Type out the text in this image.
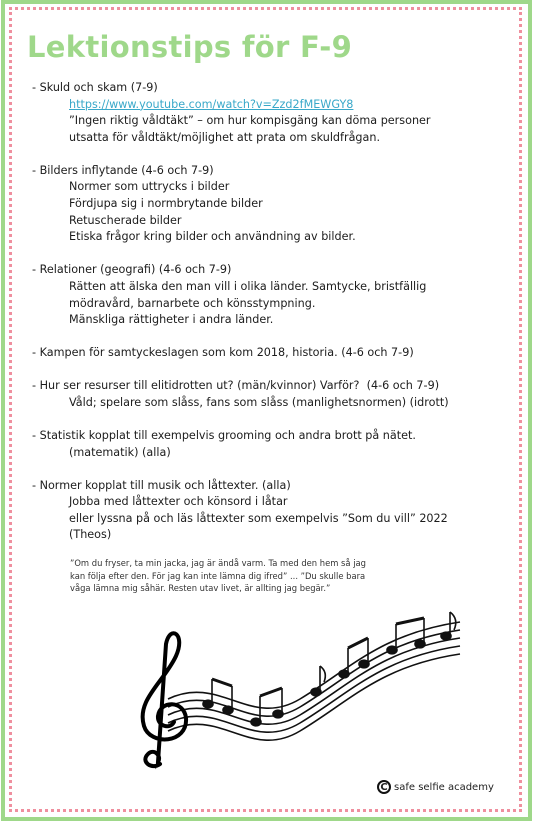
Lektionstips för F-9
- Skuld och skam (7-9)
https://www.youtube.com/watch?v=Zzd2fMEWGY8
”Ingen riktig våldtäkt” – om hur kompisgäng kan döma personer
utsatta för våldtäkt/möjlighet att prata om skuldfrågan.
- Bilders inflytande (4-6 och 7-9)
Normer som uttrycks i bilder
Fördjupa sig i normbrytande bilder
Retuscherade bilder
Etiska frågor kring bilder och användning av bilder.
- Relationer (geografi) (4-6 och 7-9)
Rätten att älska den man vill i olika länder. Samtycke, bristfällig
mödravård, barnarbete och könsstympning.
Mänskliga rättigheter i andra länder.
- Kampen för samtyckeslagen som kom 2018, historia. (4-6 och 7-9)
- Hur ser resurser till elitidrotten ut? (män/kvinnor) Varför?  (4-6 och 7-9)
Våld; spelare som slåss, fans som slåss (manlighetsnormen) (idrott)
- Statistik kopplat till exempelvis grooming och andra brott på nätet.
(matematik) (alla)
- Normer kopplat till musik och låttexter. (alla)
Jobba med låttexter och könsord i låtar
eller lyssna på och läs låttexter som exempelvis ”Som du vill” 2022
(Theos)

”Om du fryser, ta min jacka, jag är ändå varm. Ta med den hem så jag

kan följa efter den. För jag kan inte lämna dig ifred” ... ”Du skulle bara

våga lämna mig såhär. Resten utav livet, är allting jag begär.”

C safe selfie academy
